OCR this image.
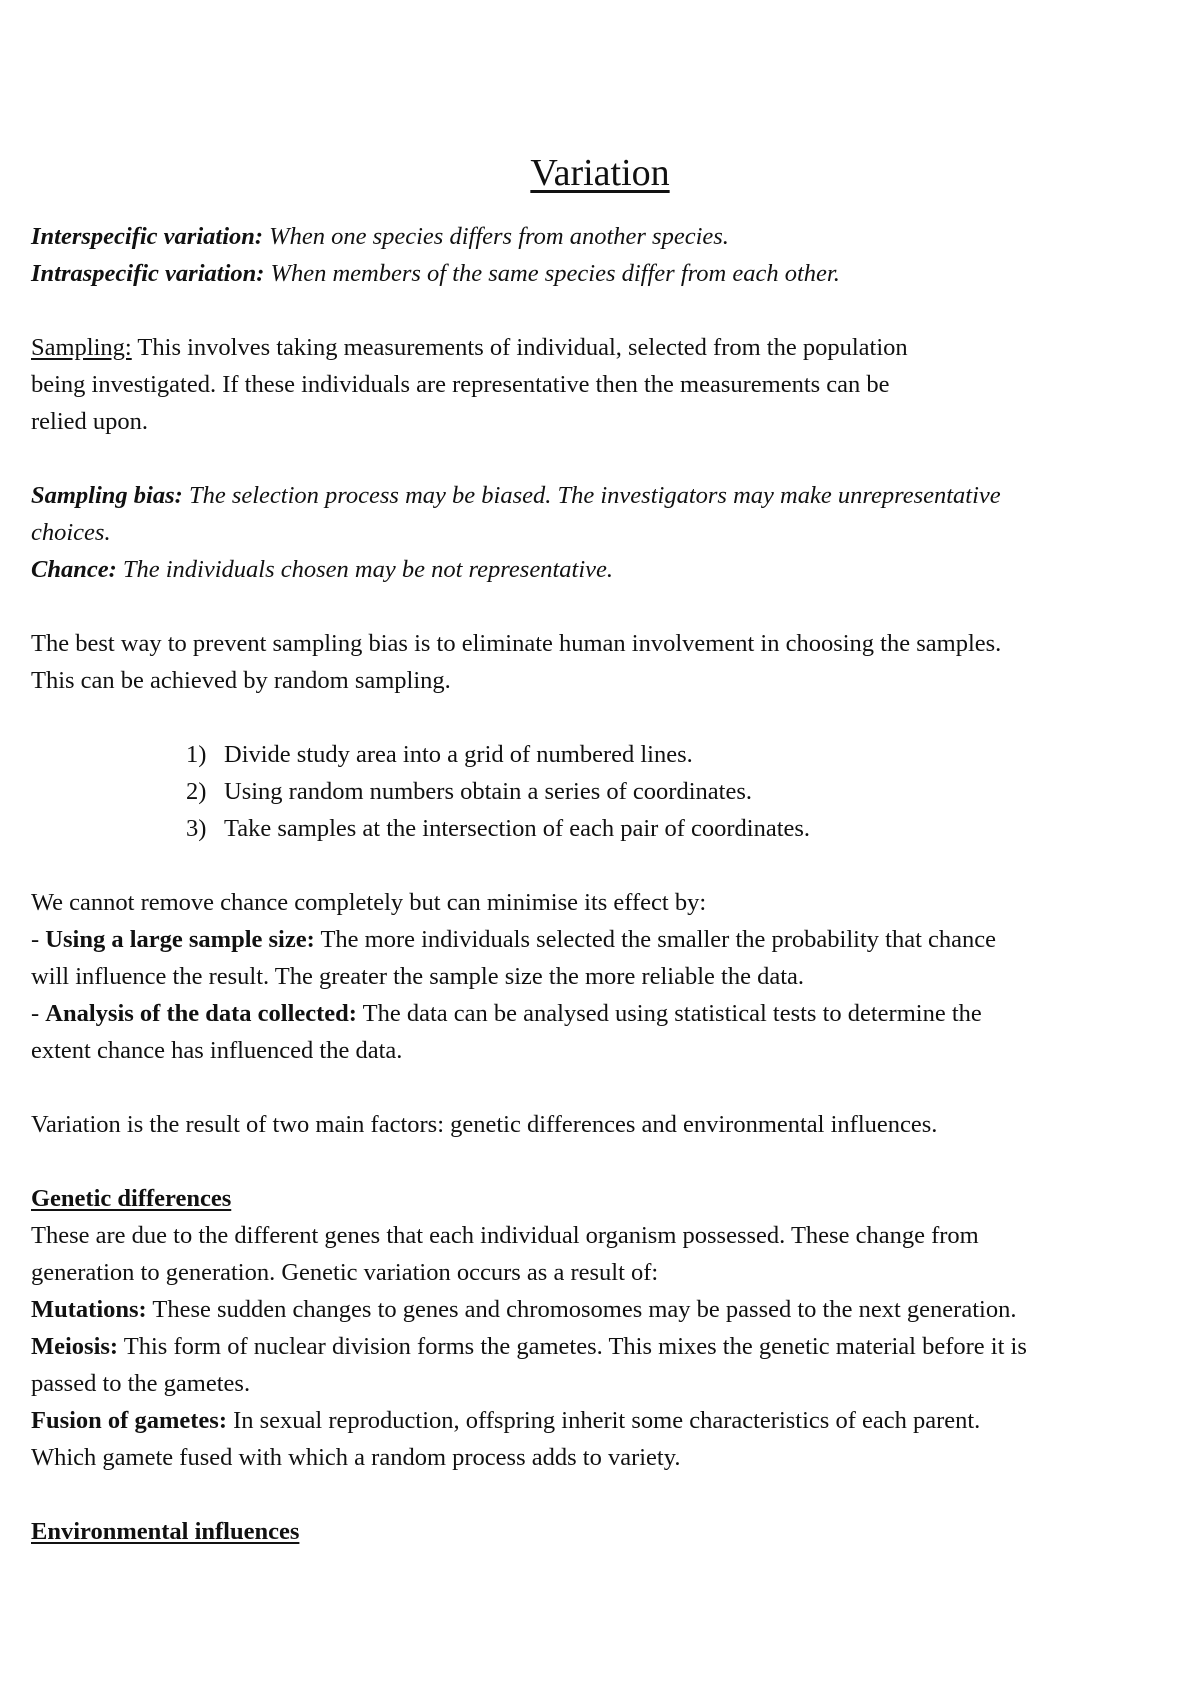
Variation

Interspecific variation: When one species differs from another species.

Intraspecific variation: When members of the same species differ from each other.

Sampling: This involves taking measurements of individual, selected from the population

being investigated. If these individuals are representative then the measurements can be

relied upon.

Sampling bias: The selection process may be biased. The investigators may make unrepresentative

choices.

Chance: The individuals chosen may be not representative.

The best way to prevent sampling bias is to eliminate human involvement in choosing the samples.

This can be achieved by random sampling.

1) Divide study area into a grid of numbered lines.
2) Using random numbers obtain a series of coordinates.
3) Take samples at the intersection of each pair of coordinates.

We cannot remove chance completely but can minimise its effect by:

- Using a large sample size: The more individuals selected the smaller the probability that chance

will influence the result. The greater the sample size the more reliable the data.

- Analysis of the data collected: The data can be analysed using statistical tests to determine the

extent chance has influenced the data.

Variation is the result of two main factors: genetic differences and environmental influences.

Genetic differences

These are due to the different genes that each individual organism possessed. These change from

generation to generation. Genetic variation occurs as a result of:

Mutations: These sudden changes to genes and chromosomes may be passed to the next generation.

Meiosis: This form of nuclear division forms the gametes. This mixes the genetic material before it is

passed to the gametes.

Fusion of gametes: In sexual reproduction, offspring inherit some characteristics of each parent.

Which gamete fused with which a random process adds to variety.

Environmental influences
